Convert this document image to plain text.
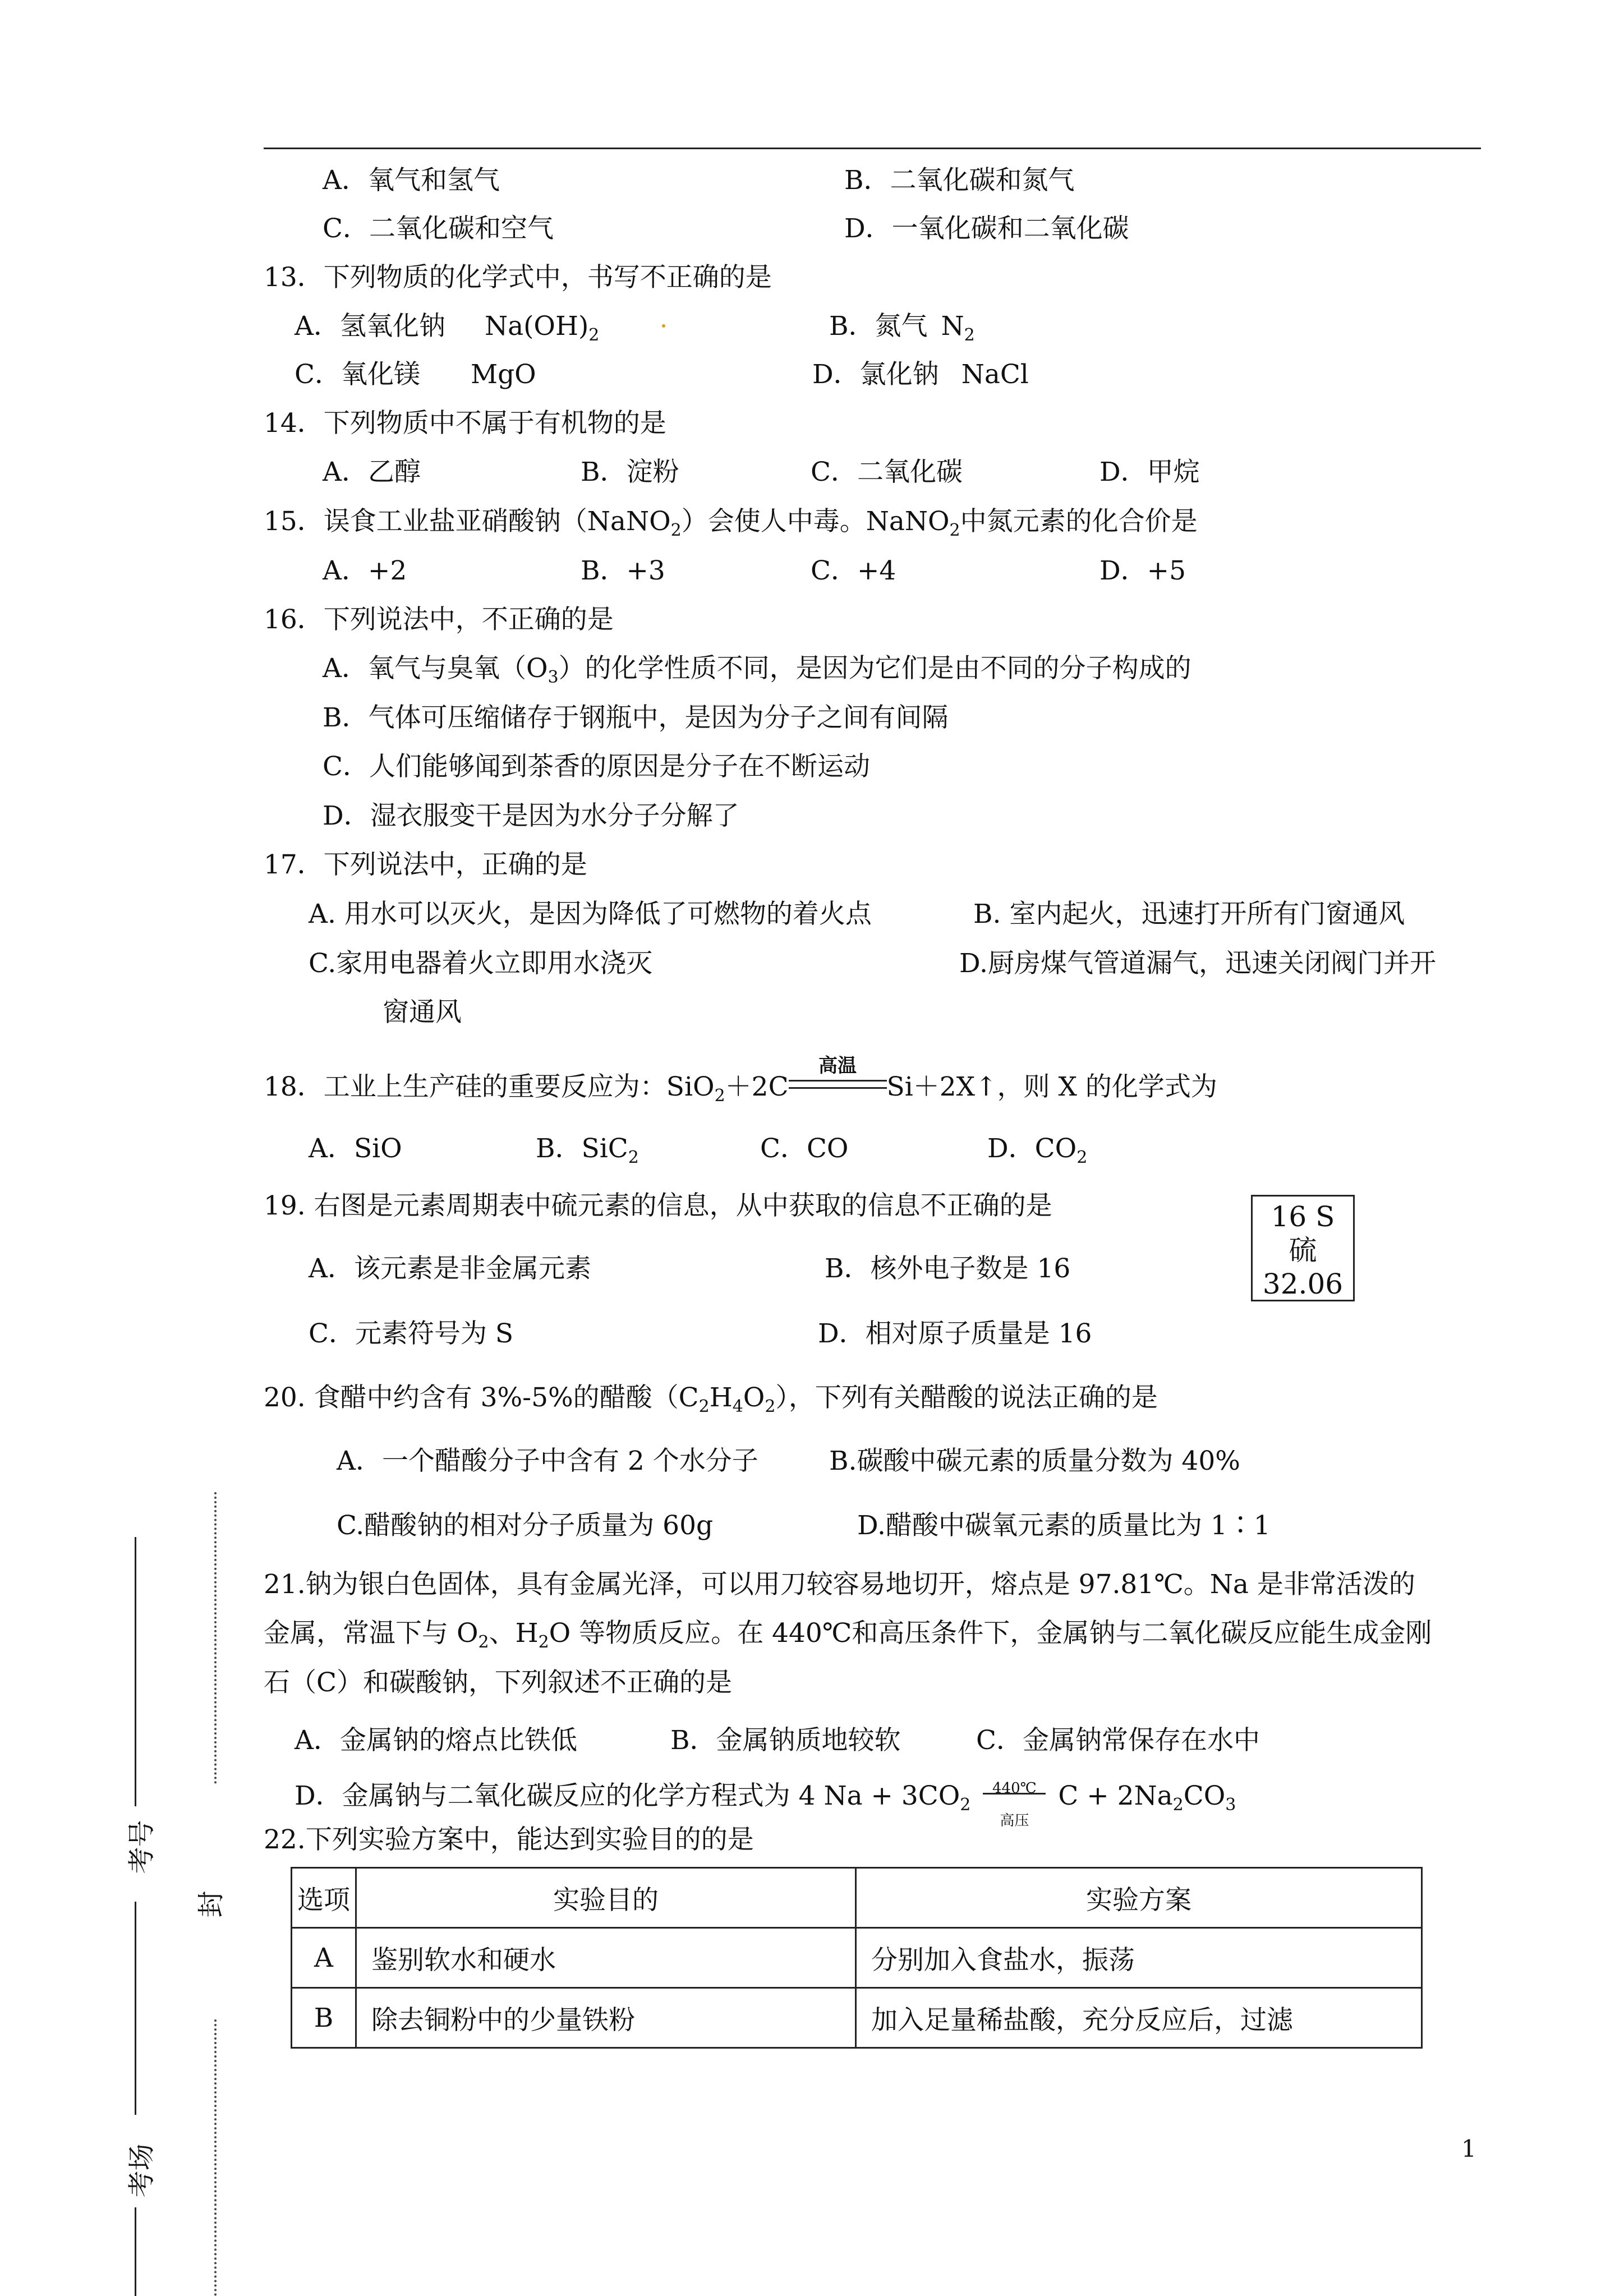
A．氧气和氢气	B．二氧化碳和氮气
C．二氧化碳和空气	D．一氧化碳和二氧化碳
13．下列物质的化学式中，书写不正确的是
A．氢氧化钠 $Na(OH)_2$	B．氮气 $N_2$
C．氧化镁 MgO	D．氯化钠 NaCl
14．下列物质中不属于有机物的是
A．乙醇	B．淀粉	C．二氧化碳	D．甲烷
15．误食工业盐亚硝酸钠（NaNO$_2$）会使人中毒。NaNO$_2$中氮元素的化合价是
A．+2	B．+3	C．+4	D．+5
16．下列说法中，不正确的是
A．氧气与臭氧$(O_3)$的化学性质不同，是因为它们是由不同的分子构成的
B．气体可压缩储存于钢瓶中，是因为分子之间有间隔
C．人们能够闻到茶香的原因是分子在不断运动
D．湿衣服变干是因为水分子分解了
17．下列说法中，正确的是
A. 用水可以灭火，是因为降低了可燃物的着火点	B. 室内起火，迅速打开所有门窗通风
C.家用电器着火立即用水浇灭	D.厨房煤气管道漏气，迅速关闭阀门并开
窗通风
18．工业上生产硅的重要反应为：SiO$_2$＋2C
高温
Si＋2X↑，则 X 的化学式为
A．SiO	B．SiC$_2$	C．CO	D．$CO_2$
19. 右图是元素周期表中硫元素的信息，从中获取的信息不正确的是
A．该元素是非金属元素	B．核外电子数是 16
C．元素符号为 S	D．相对原子质量是 16
16 S
硫
32.06
20. 食醋中约含有 3%-5%的醋酸$(C_2H_4O_2)$，下列有关醋酸的说法正确的是
A．一个醋酸分子中含有 2 个水分子	B.碳酸中碳元素的质量分数为 40%
C.醋酸钠的相对分子质量为 60g	D.醋酸中碳氧元素的质量比为 1∶1
21.钠为银白色固体，具有金属光泽，可以用刀较容易地切开，熔点是 97.81℃。Na 是非常活泼的
金属，常温下与 $O_2$、$H_2O$ 等物质反应。在 440℃和高压条件下，金属钠与二氧化碳反应能生成金刚
石（C）和碳酸钠，下列叙述不正确的是
A．金属钠的熔点比铁低	B．金属钠质地较软	C．金属钠常保存在水中
D．金属钠与二氧化碳反应的化学方程式为 4 $Na + 3CO_2$
440℃
高压
$C + 2Na_2CO_3$
22.下列实验方案中，能达到实验目的的是
选项	实验目的	实验方案
A	鉴别软水和硬水	分别加入食盐水，振荡
B	除去铜粉中的少量铁粉	加入足量稀盐酸，充分反应后，过滤
考号
封
考场	1
